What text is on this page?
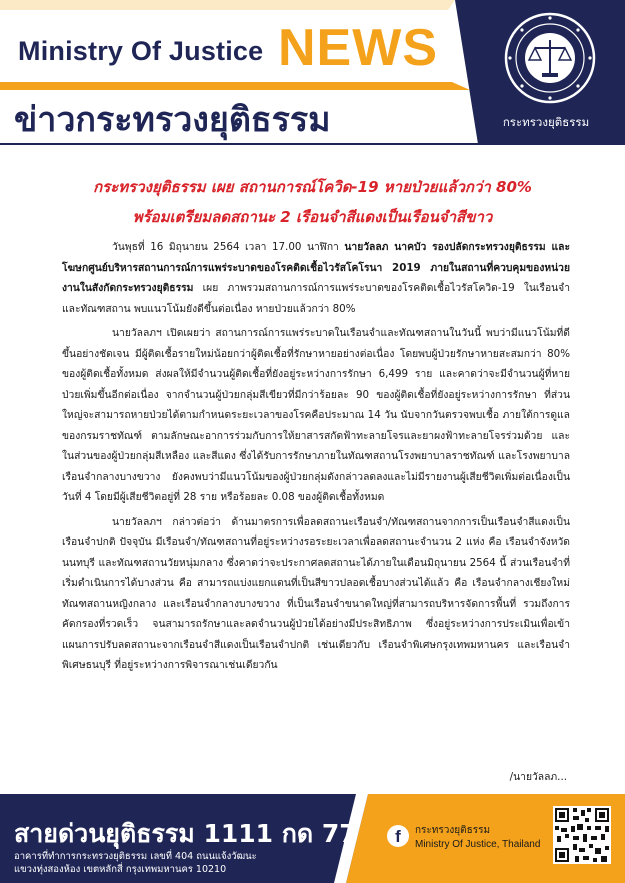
Ministry Of Justice NEWS
ข่าวกระทรวงยุติธรรม	กระทรวงยุติธรรม
กระทรวงยุติธรรม เผย สถานการณ์โควิด-19 หายป่วยแล้วกว่า 80%
พร้อมเตรียมลดสถานะ 2 เรือนจำสีแดงเป็นเรือนจำสีขาว

วันพุธที่ 16 มิถุนายน 2564 เวลา 17.00 นาฬิกา นายวัลลภ นาคบัว รองปลัดกระทรวงยุติธรรม และโฆษกศูนย์บริหารสถานการณ์การแพร่ระบาดของโรคติดเชื้อไวรัสโคโรนา 2019 ภายในสถานที่ควบคุมของหน่วยงานในสังกัดกระทรวงยุติธรรม เผย ภาพรวมสถานการณ์การแพร่ระบาดของโรคติดเชื้อไวรัสโควิด-19 ในเรือนจำและทัณฑสถาน พบแนวโน้มยังดีขึ้นต่อเนื่อง หายป่วยแล้วกว่า 80%

นายวัลลภฯ เปิดเผยว่า สถานการณ์การแพร่ระบาดในเรือนจำและทัณฑสถานในวันนี้ พบว่ามีแนวโน้มที่ดีขึ้นอย่างชัดเจน มีผู้ติดเชื้อรายใหม่น้อยกว่าผู้ติดเชื้อที่รักษาหายอย่างต่อเนื่อง โดยพบผู้ป่วยรักษาหายสะสมกว่า 80% ของผู้ติดเชื้อทั้งหมด ส่งผลให้มีจำนวนผู้ติดเชื้อที่ยังอยู่ระหว่างการรักษา 6,499 ราย และคาดว่าจะมีจำนวนผู้ที่หายป่วยเพิ่มขึ้นอีกต่อเนื่อง จากจำนวนผู้ป่วยกลุ่มสีเขียวที่มีกว่าร้อยละ 90 ของผู้ติดเชื้อที่ยังอยู่ระหว่างการรักษา ที่ส่วนใหญ่จะสามารถหายป่วยได้ตามกำหนดระยะเวลาของโรคคือประมาณ 14 วัน นับจากวันตรวจพบเชื้อ ภายใต้การดูแลของกรมราชทัณฑ์ ตามลักษณะอาการร่วมกับการให้ยาสารสกัดฟ้าทะลายโจรและยาผงฟ้าทะลายโจรร่วมด้วย และในส่วนของผู้ป่วยกลุ่มสีเหลือง และสีแดง ซึ่งได้รับการรักษาภายในทัณฑสถานโรงพยาบาลราชทัณฑ์ และโรงพยาบาลเรือนจำกลางบางขวาง ยังคงพบว่ามีแนวโน้มของผู้ป่วยกลุ่มดังกล่าวลดลงและไม่มีรายงานผู้เสียชีวิตเพิ่มต่อเนื่องเป็นวันที่ 4 โดยมีผู้เสียชีวิตอยู่ที่ 28 ราย หรือร้อยละ 0.08 ของผู้ติดเชื้อทั้งหมด

นายวัลลภฯ กล่าวต่อว่า ด้านมาตรการเพื่อลดสถานะเรือนจำ/ทัณฑสถานจากการเป็นเรือนจำสีแดงเป็นเรือนจำปกติ ปัจจุบัน มีเรือนจำ/ทัณฑสถานที่อยู่ระหว่างรอระยะเวลาเพื่อลดสถานะจำนวน 2 แห่ง คือ เรือนจำจังหวัดนนทบุรี และทัณฑสถานวัยหนุ่มกลาง ซึ่งคาดว่าจะประกาศลดสถานะได้ภายในเดือนมิถุนายน 2564 นี้ ส่วนเรือนจำที่เริ่มดำเนินการได้บางส่วน คือ สามารถแบ่งแยกแดนที่เป็นสีขาวปลอดเชื้อบางส่วนได้แล้ว คือ เรือนจำกลางเชียงใหม่ ทัณฑสถานหญิงกลาง และเรือนจำกลางบางขวาง ที่เป็นเรือนจำขนาดใหญ่ที่สามารถบริหารจัดการพื้นที่ รวมถึงการคัดกรองที่รวดเร็ว จนสามารถรักษาและลดจำนวนผู้ป่วยได้อย่างมีประสิทธิภาพ ซึ่งอยู่ระหว่างการประเมินเพื่อเข้าแผนการปรับลดสถานะจากเรือนจำสีแดงเป็นเรือนจำปกติ เช่นเดียวกับ เรือนจำพิเศษกรุงเทพมหานคร และเรือนจำพิเศษธนบุรี ที่อยู่ระหว่างการพิจารณาเช่นเดียวกัน

/นายวัลลภ...
สายด่วนยุติธรรม 1111 กด 77
อาคารที่ทำการกระทรวงยุติธรรม เลขที่ 404 ถนนแจ้งวัฒนะ
แขวงทุ่งสองห้อง เขตหลักสี่ กรุงเทพมหานคร 10210
f	กระทรวงยุติธรรม
Ministry Of Justice, Thailand
